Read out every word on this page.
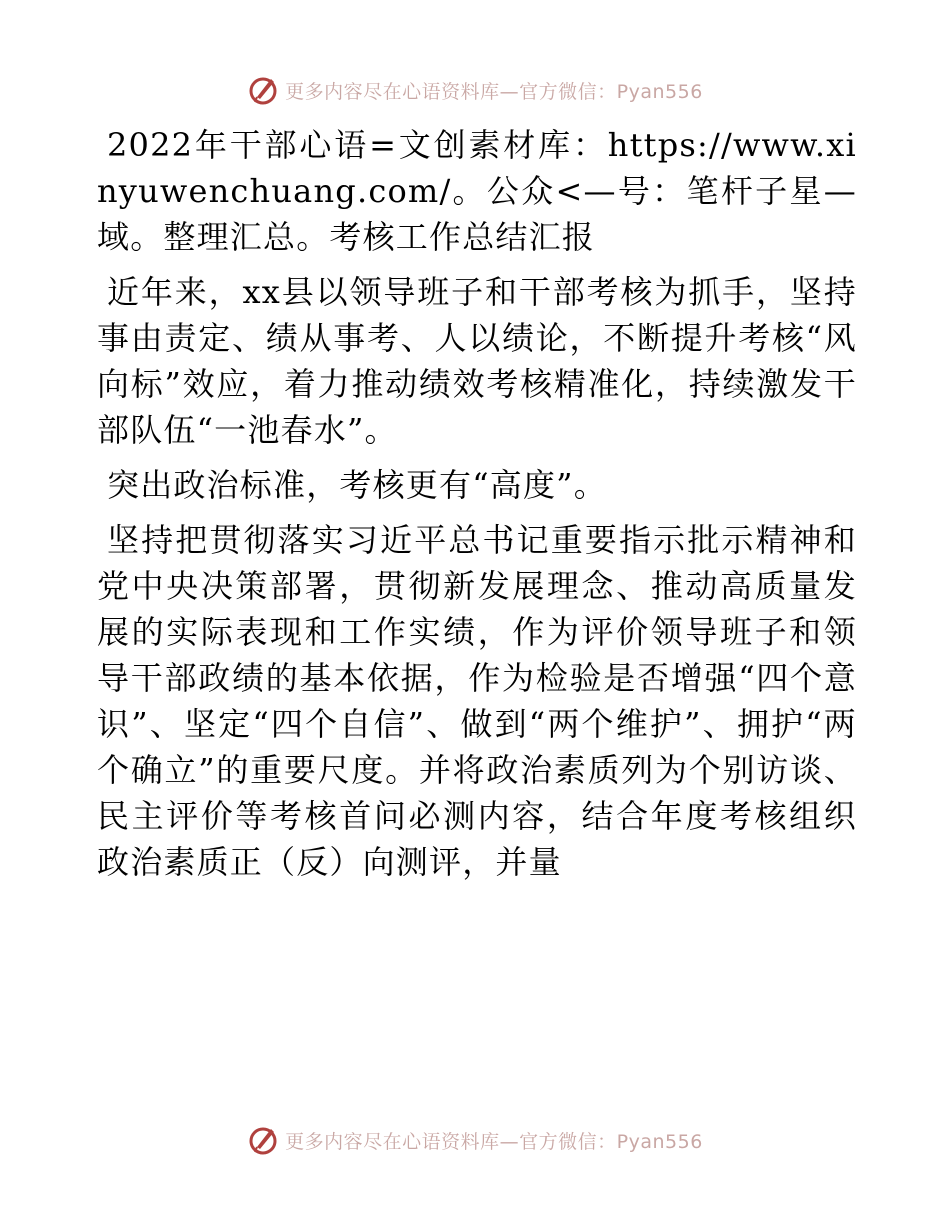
更多内容尽在心语资料库—官方微信：Pyan556

2022年干部心语=文创素材库：https://www.xinyuwenchuang.com/。公众<—号：笔杆子星—域。整理汇总。考核工作总结汇报

近年来，xx县以领导班子和干部考核为抓手，坚持事由责定、绩从事考、人以绩论，不断提升考核“风向标”效应，着力推动绩效考核精准化，持续激发干部队伍“一池春水”。

突出政治标准，考核更有“高度”。

坚持把贯彻落实习近平总书记重要指示批示精神和党中央决策部署，贯彻新发展理念、推动高质量发展的实际表现和工作实绩，作为评价领导班子和领导干部政绩的基本依据，作为检验是否增强“四个意识”、坚定“四个自信”、做到“两个维护”、拥护“两个确立”的重要尺度。并将政治素质列为个别访谈、民主评价等考核首问必测内容，结合年度考核组织政治素质正（反）向测评，并量

更多内容尽在心语资料库—官方微信：Pyan556
